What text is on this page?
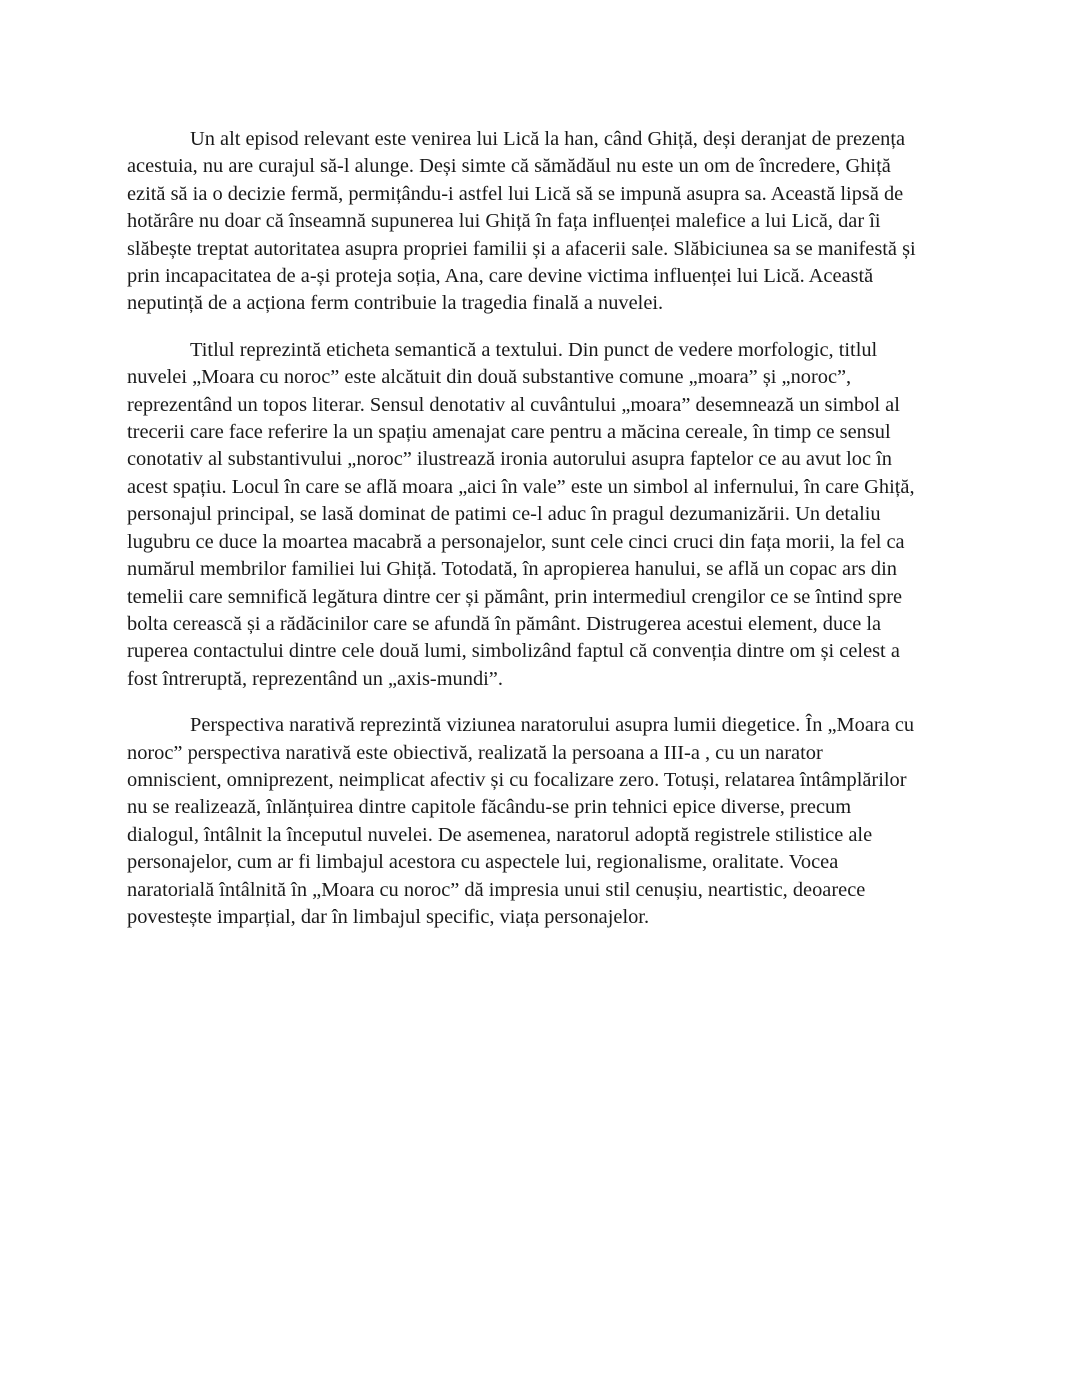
Un alt episod relevant este venirea lui Lică la han, când Ghiță, deși deranjat de prezența
acestuia, nu are curajul să-l alunge. Deși simte că sămădăul nu este un om de încredere, Ghiță
ezită să ia o decizie fermă, permițându-i astfel lui Lică să se impună asupra sa. Această lipsă de
hotărâre nu doar că înseamnă supunerea lui Ghiță în fața influenței malefice a lui Lică, dar îi
slăbește treptat autoritatea asupra propriei familii și a afacerii sale. Slăbiciunea sa se manifestă și
prin incapacitatea de a-și proteja soția, Ana, care devine victima influenței lui Lică. Această
neputință de a acționa ferm contribuie la tragedia finală a nuvelei.
Titlul reprezintă eticheta semantică a textului. Din punct de vedere morfologic, titlul
nuvelei „Moara cu noroc” este alcătuit din două substantive comune „moara” și „noroc”,
reprezentând un topos literar. Sensul denotativ al cuvântului „moara” desemnează un simbol al
trecerii care face referire la un spațiu amenajat care pentru a măcina cereale, în timp ce sensul
conotativ al substantivului „noroc” ilustrează ironia autorului asupra faptelor ce au avut loc în
acest spațiu. Locul în care se află moara „aici în vale” este un simbol al infernului, în care Ghiță,
personajul principal, se lasă dominat de patimi ce-l aduc în pragul dezumanizării. Un detaliu
lugubru ce duce la moartea macabră a personajelor, sunt cele cinci cruci din fața morii, la fel ca
numărul membrilor familiei lui Ghiță. Totodată, în apropierea hanului, se află un copac ars din
temelii care semnifică legătura dintre cer și pământ, prin intermediul crengilor ce se întind spre
bolta cerească și a rădăcinilor care se afundă în pământ. Distrugerea acestui element, duce la
ruperea contactului dintre cele două lumi, simbolizând faptul că convenția dintre om și celest a
fost întreruptă, reprezentând un „axis-mundi”.
Perspectiva narativă reprezintă viziunea naratorului asupra lumii diegetice. În „Moara cu
noroc” perspectiva narativă este obiectivă, realizată la persoana a III-a , cu un narator
omniscient, omniprezent, neimplicat afectiv și cu focalizare zero. Totuși, relatarea întâmplărilor
nu se realizează, înlănțuirea dintre capitole făcându-se prin tehnici epice diverse, precum
dialogul, întâlnit la începutul nuvelei. De asemenea, naratorul adoptă registrele stilistice ale
personajelor, cum ar fi limbajul acestora cu aspectele lui, regionalisme, oralitate. Vocea
naratorială întâlnită în „Moara cu noroc” dă impresia unui stil cenușiu, neartistic, deoarece
povestește imparțial, dar în limbajul specific, viața personajelor.
